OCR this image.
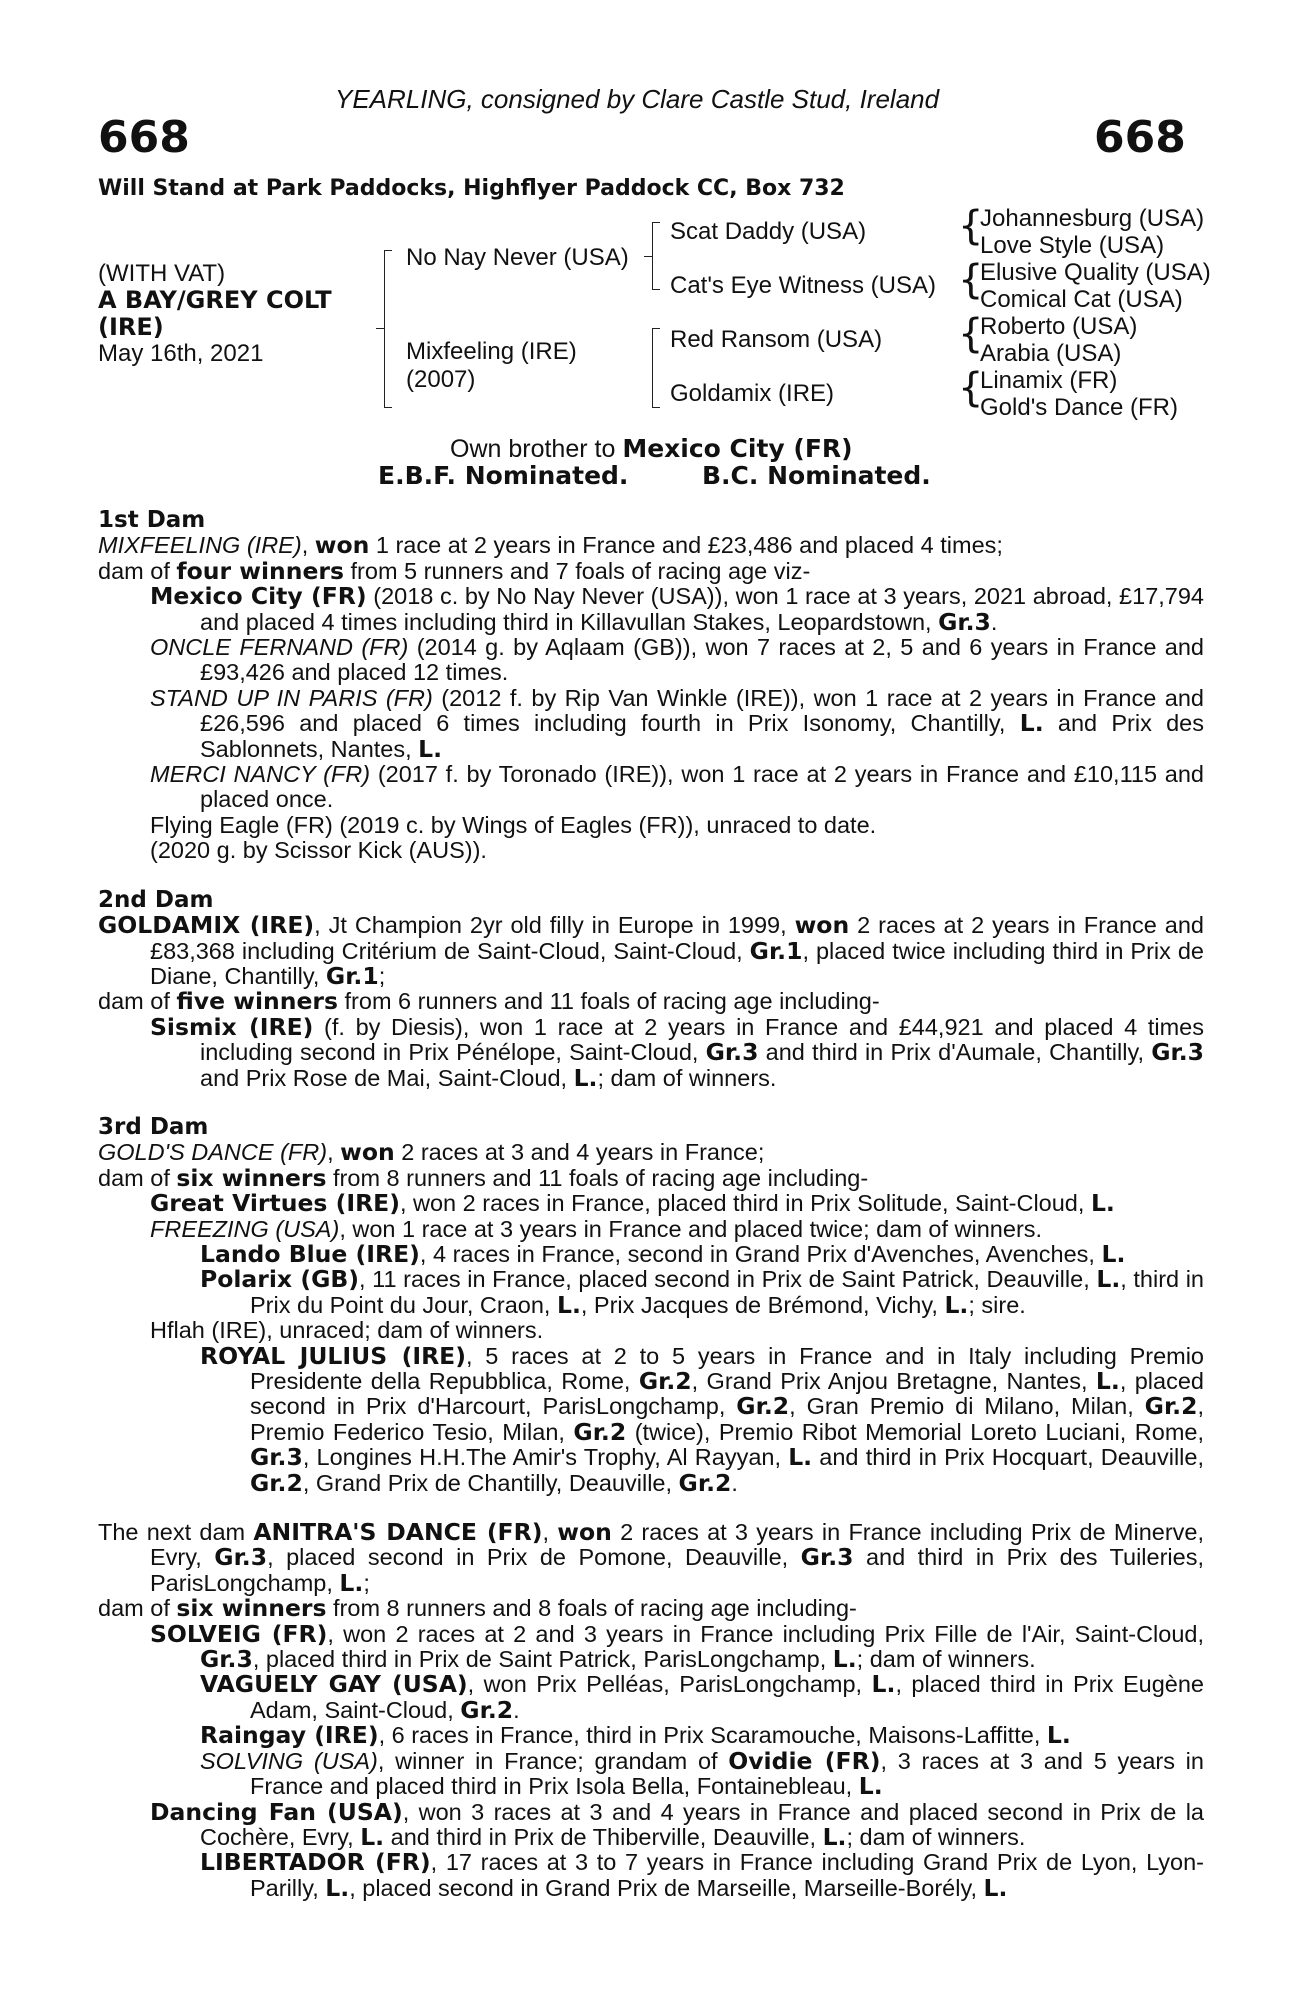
YEARLING, consigned by Clare Castle Stud, Ireland
668	668
Will Stand at Park Paddocks, Highflyer Paddock CC, Box 732
(WITH VAT)
A BAY/GREY COLT
(IRE)
May 16th, 2021
No Nay Never (USA)
Mixfeeling (IRE)
(2007)
Scat Daddy (USA)
Cat's Eye Witness (USA)
Red Ransom (USA)
Goldamix (IRE)
{
{
{
{
Johannesburg (USA)
Love Style (USA)
Elusive Quality (USA)
Comical Cat (USA)
Roberto (USA)
Arabia (USA)
Linamix (FR)
Gold's Dance (FR)
Own brother to Mexico City (FR)
E.B.F. Nominated.	B.C. Nominated.

1st Dam

MIXFEELING (IRE), won 1 race at 2 years in France and £23,486 and placed 4 times;

dam of four winners from 5 runners and 7 foals of racing age viz-

Mexico City (FR) (2018 c. by No Nay Never (USA)), won 1 race at 3 years, 2021 abroad, £17,794 and placed 4 times including third in Killavullan Stakes, Leopardstown, Gr.3.

ONCLE FERNAND (FR) (2014 g. by Aqlaam (GB)), won 7 races at 2, 5 and 6 years in France and £93,426 and placed 12 times.

STAND UP IN PARIS (FR) (2012 f. by Rip Van Winkle (IRE)), won 1 race at 2 years in France and £26,596 and placed 6 times including fourth in Prix Isonomy, Chantilly, L. and Prix des Sablonnets, Nantes, L.

MERCI NANCY (FR) (2017 f. by Toronado (IRE)), won 1 race at 2 years in France and £10,115 and placed once.

Flying Eagle (FR) (2019 c. by Wings of Eagles (FR)), unraced to date.

(2020 g. by Scissor Kick (AUS)).

2nd Dam

GOLDAMIX (IRE), Jt Champion 2yr old filly in Europe in 1999, won 2 races at 2 years in France and £83,368 including Critérium de Saint-Cloud, Saint-Cloud, Gr.1, placed twice including third in Prix de Diane, Chantilly, Gr.1;

dam of five winners from 6 runners and 11 foals of racing age including-

Sismix (IRE) (f. by Diesis), won 1 race at 2 years in France and £44,921 and placed 4 times including second in Prix Pénélope, Saint-Cloud, Gr.3 and third in Prix d'Aumale, Chantilly, Gr.3 and Prix Rose de Mai, Saint-Cloud, L.; dam of winners.

3rd Dam

GOLD'S DANCE (FR), won 2 races at 3 and 4 years in France;

dam of six winners from 8 runners and 11 foals of racing age including-

Great Virtues (IRE), won 2 races in France, placed third in Prix Solitude, Saint-Cloud, L.

FREEZING (USA), won 1 race at 3 years in France and placed twice; dam of winners.

Lando Blue (IRE), 4 races in France, second in Grand Prix d'Avenches, Avenches, L.

Polarix (GB), 11 races in France, placed second in Prix de Saint Patrick, Deauville, L., third in Prix du Point du Jour, Craon, L., Prix Jacques de Brémond, Vichy, L.; sire.

Hflah (IRE), unraced; dam of winners.

ROYAL JULIUS (IRE), 5 races at 2 to 5 years in France and in Italy including Premio Presidente della Repubblica, Rome, Gr.2, Grand Prix Anjou Bretagne, Nantes, L., placed second in Prix d'Harcourt, ParisLongchamp, Gr.2, Gran Premio di Milano, Milan, Gr.2, Premio Federico Tesio, Milan, Gr.2 (twice), Premio Ribot Memorial Loreto Luciani, Rome, Gr.3, Longines H.H.The Amir's Trophy, Al Rayyan, L. and third in Prix Hocquart, Deauville, Gr.2, Grand Prix de Chantilly, Deauville, Gr.2.

The next dam ANITRA'S DANCE (FR), won 2 races at 3 years in France including Prix de Minerve, Evry, Gr.3, placed second in Prix de Pomone, Deauville, Gr.3 and third in Prix des Tuileries, ParisLongchamp, L.;

dam of six winners from 8 runners and 8 foals of racing age including-

SOLVEIG (FR), won 2 races at 2 and 3 years in France including Prix Fille de l'Air, Saint-Cloud, Gr.3, placed third in Prix de Saint Patrick, ParisLongchamp, L.; dam of winners.

VAGUELY GAY (USA), won Prix Pelléas, ParisLongchamp, L., placed third in Prix Eugène Adam, Saint-Cloud, Gr.2.

Raingay (IRE), 6 races in France, third in Prix Scaramouche, Maisons-Laffitte, L.

SOLVING (USA), winner in France; grandam of Ovidie (FR), 3 races at 3 and 5 years in France and placed third in Prix Isola Bella, Fontainebleau, L.

Dancing Fan (USA), won 3 races at 3 and 4 years in France and placed second in Prix de la Cochère, Evry, L. and third in Prix de Thiberville, Deauville, L.; dam of winners.

LIBERTADOR (FR), 17 races at 3 to 7 years in France including Grand Prix de Lyon, Lyon-Parilly, L., placed second in Grand Prix de Marseille, Marseille-Borély, L.
